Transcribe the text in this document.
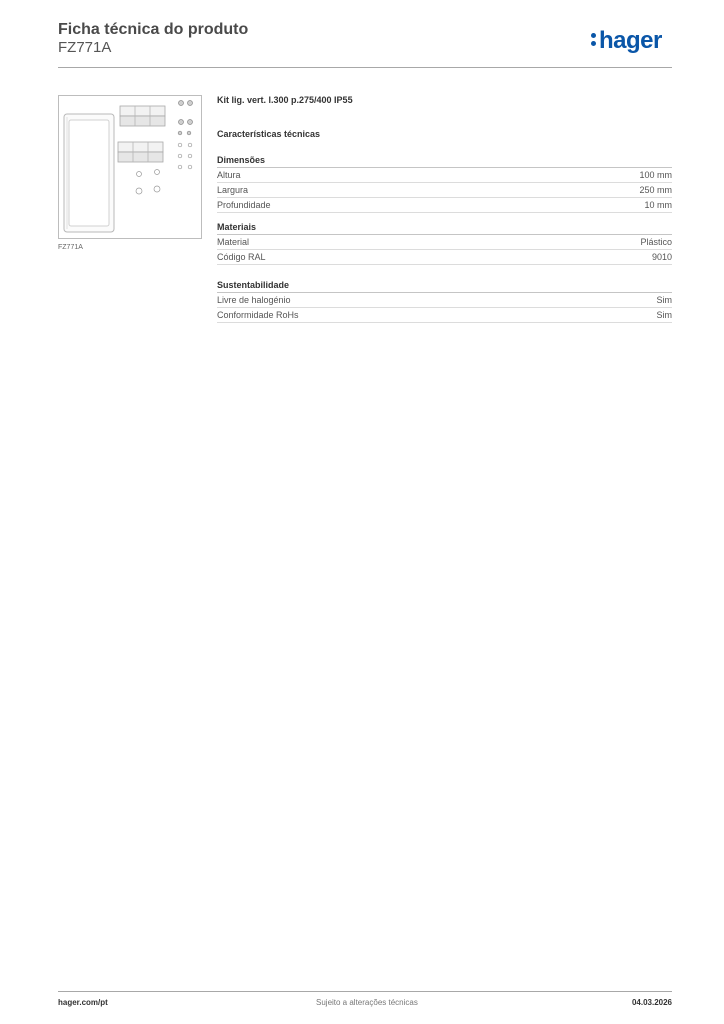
Ficha técnica do produto
FZ771A	hager
FZ771A
Kit lig. vert. l.300 p.275/400 IP55
Características técnicas
Dimensões
Altura	100 mm
Largura	250 mm
Profundidade	10 mm
Materiais
Material	Plástico
Código RAL	9010
Sustentabilidade
Livre de halogénio	Sim
Conformidade RoHs	Sim
hager.com/pt	Sujeito a alterações técnicas	04.03.2026
